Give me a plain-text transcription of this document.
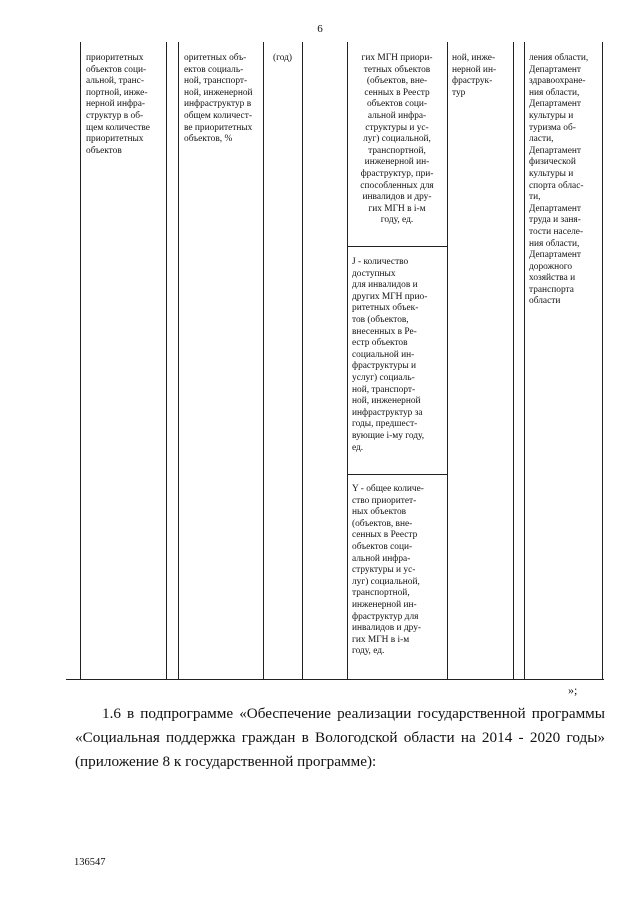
6
приоритетных
объектов соци-
альной, транс-
портной, инже-
нерной инфра-
структур в об-
щем количестве
приоритетных
объектов
оритетных объ-
ектов социаль-
ной, транспорт-
ной, инженерной
инфраструктур в
общем количест-
ве приоритетных
объектов, %
(год)	гих МГН приори-
тетных объектов
(объектов, вне-
сенных в Реестр
объектов соци-
альной инфра-
структуры и ус-
луг) социальной,
транспортной,
инженерной ин-
фраструктур, при-
способленных для
инвалидов и дру-
гих МГН в i-м
году, ед.
J - количество
доступных
для инвалидов и
других МГН прио-
ритетных объек-
тов (объектов,
внесенных в Ре-
естр объектов
социальной ин-
фраструктуры и
услуг) социаль-
ной, транспорт-
ной, инженерной
инфраструктур за
годы, предшест-
вующие i-му году,
ед.
Y - общее количе-
ство приоритет-
ных объектов
(объектов, вне-
сенных в Реестр
объектов соци-
альной инфра-
структуры и ус-
луг) социальной,
транспортной,
инженерной ин-
фраструктур для
инвалидов и дру-
гих МГН в i-м
году, ед.
ной, инже-
нерной ин-
фраструк-
тур
ления области,
Департамент
здравоохране-
ния области,
Департамент
культуры и
туризма об-
ласти,
Департамент
физической
культуры и
спорта облас-
ти,
Департамент
труда и заня-
тости населе-
ния области,
Департамент
дорожного
хозяйства и
транспорта
области
»;
1.6 в подпрограмме «Обеспечение реализации государственной программы
«Социальная поддержка граждан в Вологодской области на 2014 - 2020 годы»
(приложение 8 к государственной программе):
136547
